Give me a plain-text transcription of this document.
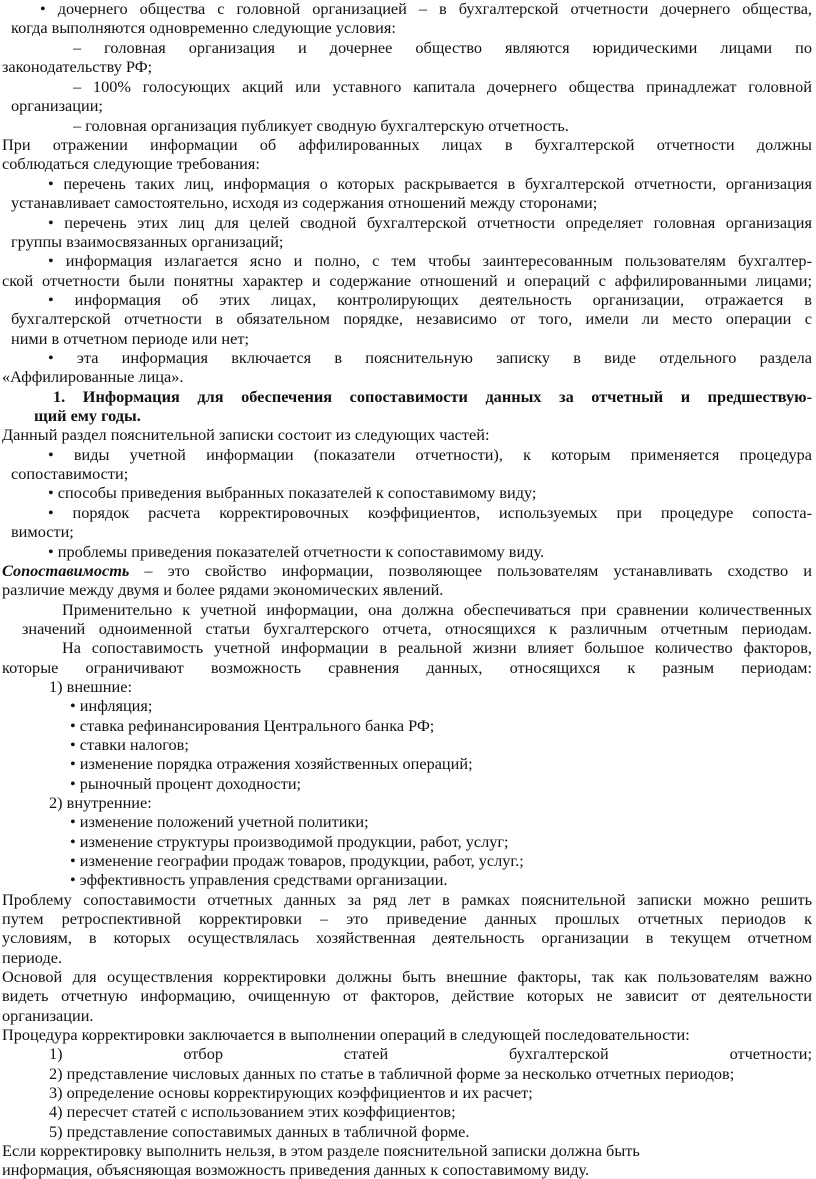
• дочернего общества с головной организацией – в бухгалтерской отчетности дочернего общества,
когда выполняются одновременно следующие условия:
– головная организация и дочернее общество являются юридическими лицами по
законодательству РФ;
– 100% голосующих акций или уставного капитала дочернего общества принадлежат головной
организации;
– головная организация публикует сводную бухгалтерскую отчетность.
При отражении информации об аффилированных лицах в бухгалтерской отчетности должны
соблюдаться следующие требования:
• перечень таких лиц, информация о которых раскрывается в бухгалтерской отчетности, организация
устанавливает самостоятельно, исходя из содержания отношений между сторонами;
• перечень этих лиц для целей сводной бухгалтерской отчетности определяет головная организация
группы взаимосвязанных организаций;
• информация излагается ясно и полно, с тем чтобы заинтересованным пользователям бухгалтер-
ской отчетности были понятны характер и содержание отношений и операций с аффилированными лицами;
• информация об этих лицах, контролирующих деятельность организации, отражается в
бухгалтерской отчетности в обязательном порядке, независимо от того, имели ли место операции с
ними в отчетном периоде или нет;
• эта информация включается в пояснительную записку в виде отдельного раздела
«Аффилированные лица».
1. Информация для обеспечения сопоставимости данных за отчетный и предшествую-
щий ему годы.
Данный раздел пояснительной записки состоит из следующих частей:
• виды учетной информации (показатели отчетности), к которым применяется процедура
сопоставимости;
• способы приведения выбранных показателей к сопоставимому виду;
• порядок расчета корректировочных коэффициентов, используемых при процедуре сопоста-
вимости;
• проблемы приведения показателей отчетности к сопоставимому виду.
Сопоставимость – это свойство информации, позволяющее пользователям устанавливать сходство и
различие между двумя и более рядами экономических явлений.
Применительно к учетной информации, она должна обеспечиваться при сравнении количественных
значений одноименной статьи бухгалтерского отчета, относящихся к различным отчетным периодам.
На сопоставимость учетной информации в реальной жизни влияет большое количество факторов,
которые ограничивают возможность сравнения данных, относящихся к разным периодам:
1) внешние:
• инфляция;
• ставка рефинансирования Центрального банка РФ;
• ставки налогов;
• изменение порядка отражения хозяйственных операций;
• рыночный процент доходности;
2) внутренние:
• изменение положений учетной политики;
• изменение структуры производимой продукции, работ, услуг;
• изменение географии продаж товаров, продукции, работ, услуг.;
• эффективность управления средствами организации.
Проблему сопоставимости отчетных данных за ряд лет в рамках пояснительной записки можно решить
путем ретроспективной корректировки – это приведение данных прошлых отчетных периодов к
условиям, в которых осуществлялась хозяйственная деятельность организации в текущем отчетном
периоде.
Основой для осуществления корректировки должны быть внешние факторы, так как пользователям важно
видеть отчетную информацию, очищенную от факторов, действие которых не зависит от деятельности
организации.
Процедура корректировки заключается в выполнении операций в следующей последовательности:
1) отбор статей бухгалтерской отчетности;
2) представление числовых данных по статье в табличной форме за несколько отчетных периодов;
3) определение основы корректирующих коэффициентов и их расчет;
4) пересчет статей с использованием этих коэффициентов;
5) представление сопоставимых данных в табличной форме.
Если корректировку выполнить нельзя, в этом разделе пояснительной записки должна быть
информация, объясняющая возможность приведения данных к сопоставимому виду.
